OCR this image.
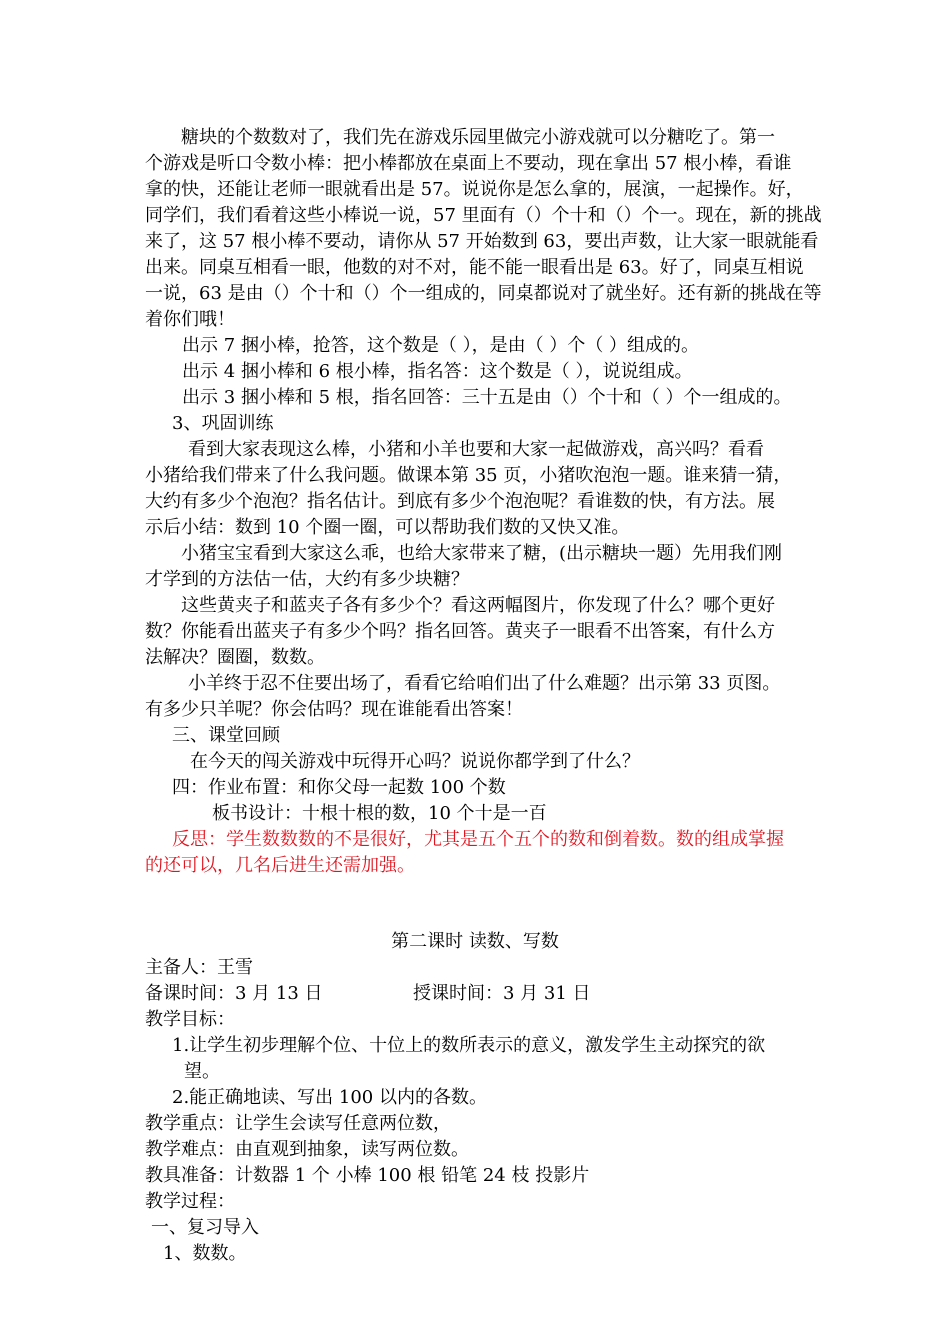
糖块的个数数对了，我们先在游戏乐园里做完小游戏就可以分糖吃了。第一
个游戏是听口令数小棒：把小棒都放在桌面上不要动，现在拿出 57 根小棒，看谁
拿的快，还能让老师一眼就看出是 57。说说你是怎么拿的，展演，一起操作。好，
同学们，我们看着这些小棒说一说，57 里面有（）个十和（）个一。现在，新的挑战
来了，这 57 根小棒不要动，请你从 57 开始数到 63，要出声数，让大家一眼就能看
出来。同桌互相看一眼，他数的对不对，能不能一眼看出是 63。好了，同桌互相说
一说，63 是由（）个十和（）个一组成的，同桌都说对了就坐好。还有新的挑战在等
着你们哦！
出示 7 捆小棒，抢答，这个数是（ ），是由（ ）个（ ）组成的。
出示 4 捆小棒和 6 根小棒，指名答：这个数是（ ），说说组成。
出示 3 捆小棒和 5 根，指名回答：三十五是由（）个十和（ ）个一组成的。
3、巩固训练
看到大家表现这么棒，小猪和小羊也要和大家一起做游戏，高兴吗？看看
小猪给我们带来了什么我问题。做课本第 35 页，小猪吹泡泡一题。谁来猜一猜，
大约有多少个泡泡？指名估计。到底有多少个泡泡呢？看谁数的快，有方法。展
示后小结：数到 10 个圈一圈，可以帮助我们数的又快又准。
小猪宝宝看到大家这么乖，也给大家带来了糖，(出示糖块一题）先用我们刚
才学到的方法估一估，大约有多少块糖？
这些黄夹子和蓝夹子各有多少个？看这两幅图片，你发现了什么？哪个更好
数？你能看出蓝夹子有多少个吗？指名回答。黄夹子一眼看不出答案，有什么方
法解决？圈圈，数数。
小羊终于忍不住要出场了，看看它给咱们出了什么难题？出示第 33 页图。
有多少只羊呢？你会估吗？现在谁能看出答案！
三、课堂回顾
在今天的闯关游戏中玩得开心吗？说说你都学到了什么？
四：作业布置：和你父母一起数 100 个数
板书设计：十根十根的数，10 个十是一百
反思：学生数数数的不是很好，尤其是五个五个的数和倒着数。数的组成掌握
的还可以，几名后进生还需加强。
第二课时 读数、写数
主备人：王雪
备课时间：3 月 13 日	授课时间：3 月 31 日
教学目标：
1.让学生初步理解个位、十位上的数所表示的意义，激发学生主动探究的欲
望。
2.能正确地读、写出 100 以内的各数。
教学重点：让学生会读写任意两位数，
教学难点：由直观到抽象，读写两位数。
教具准备：计数器 1 个 小棒 100 根 铅笔 24 枝 投影片
教学过程：
一、复习导入
1、数数。
